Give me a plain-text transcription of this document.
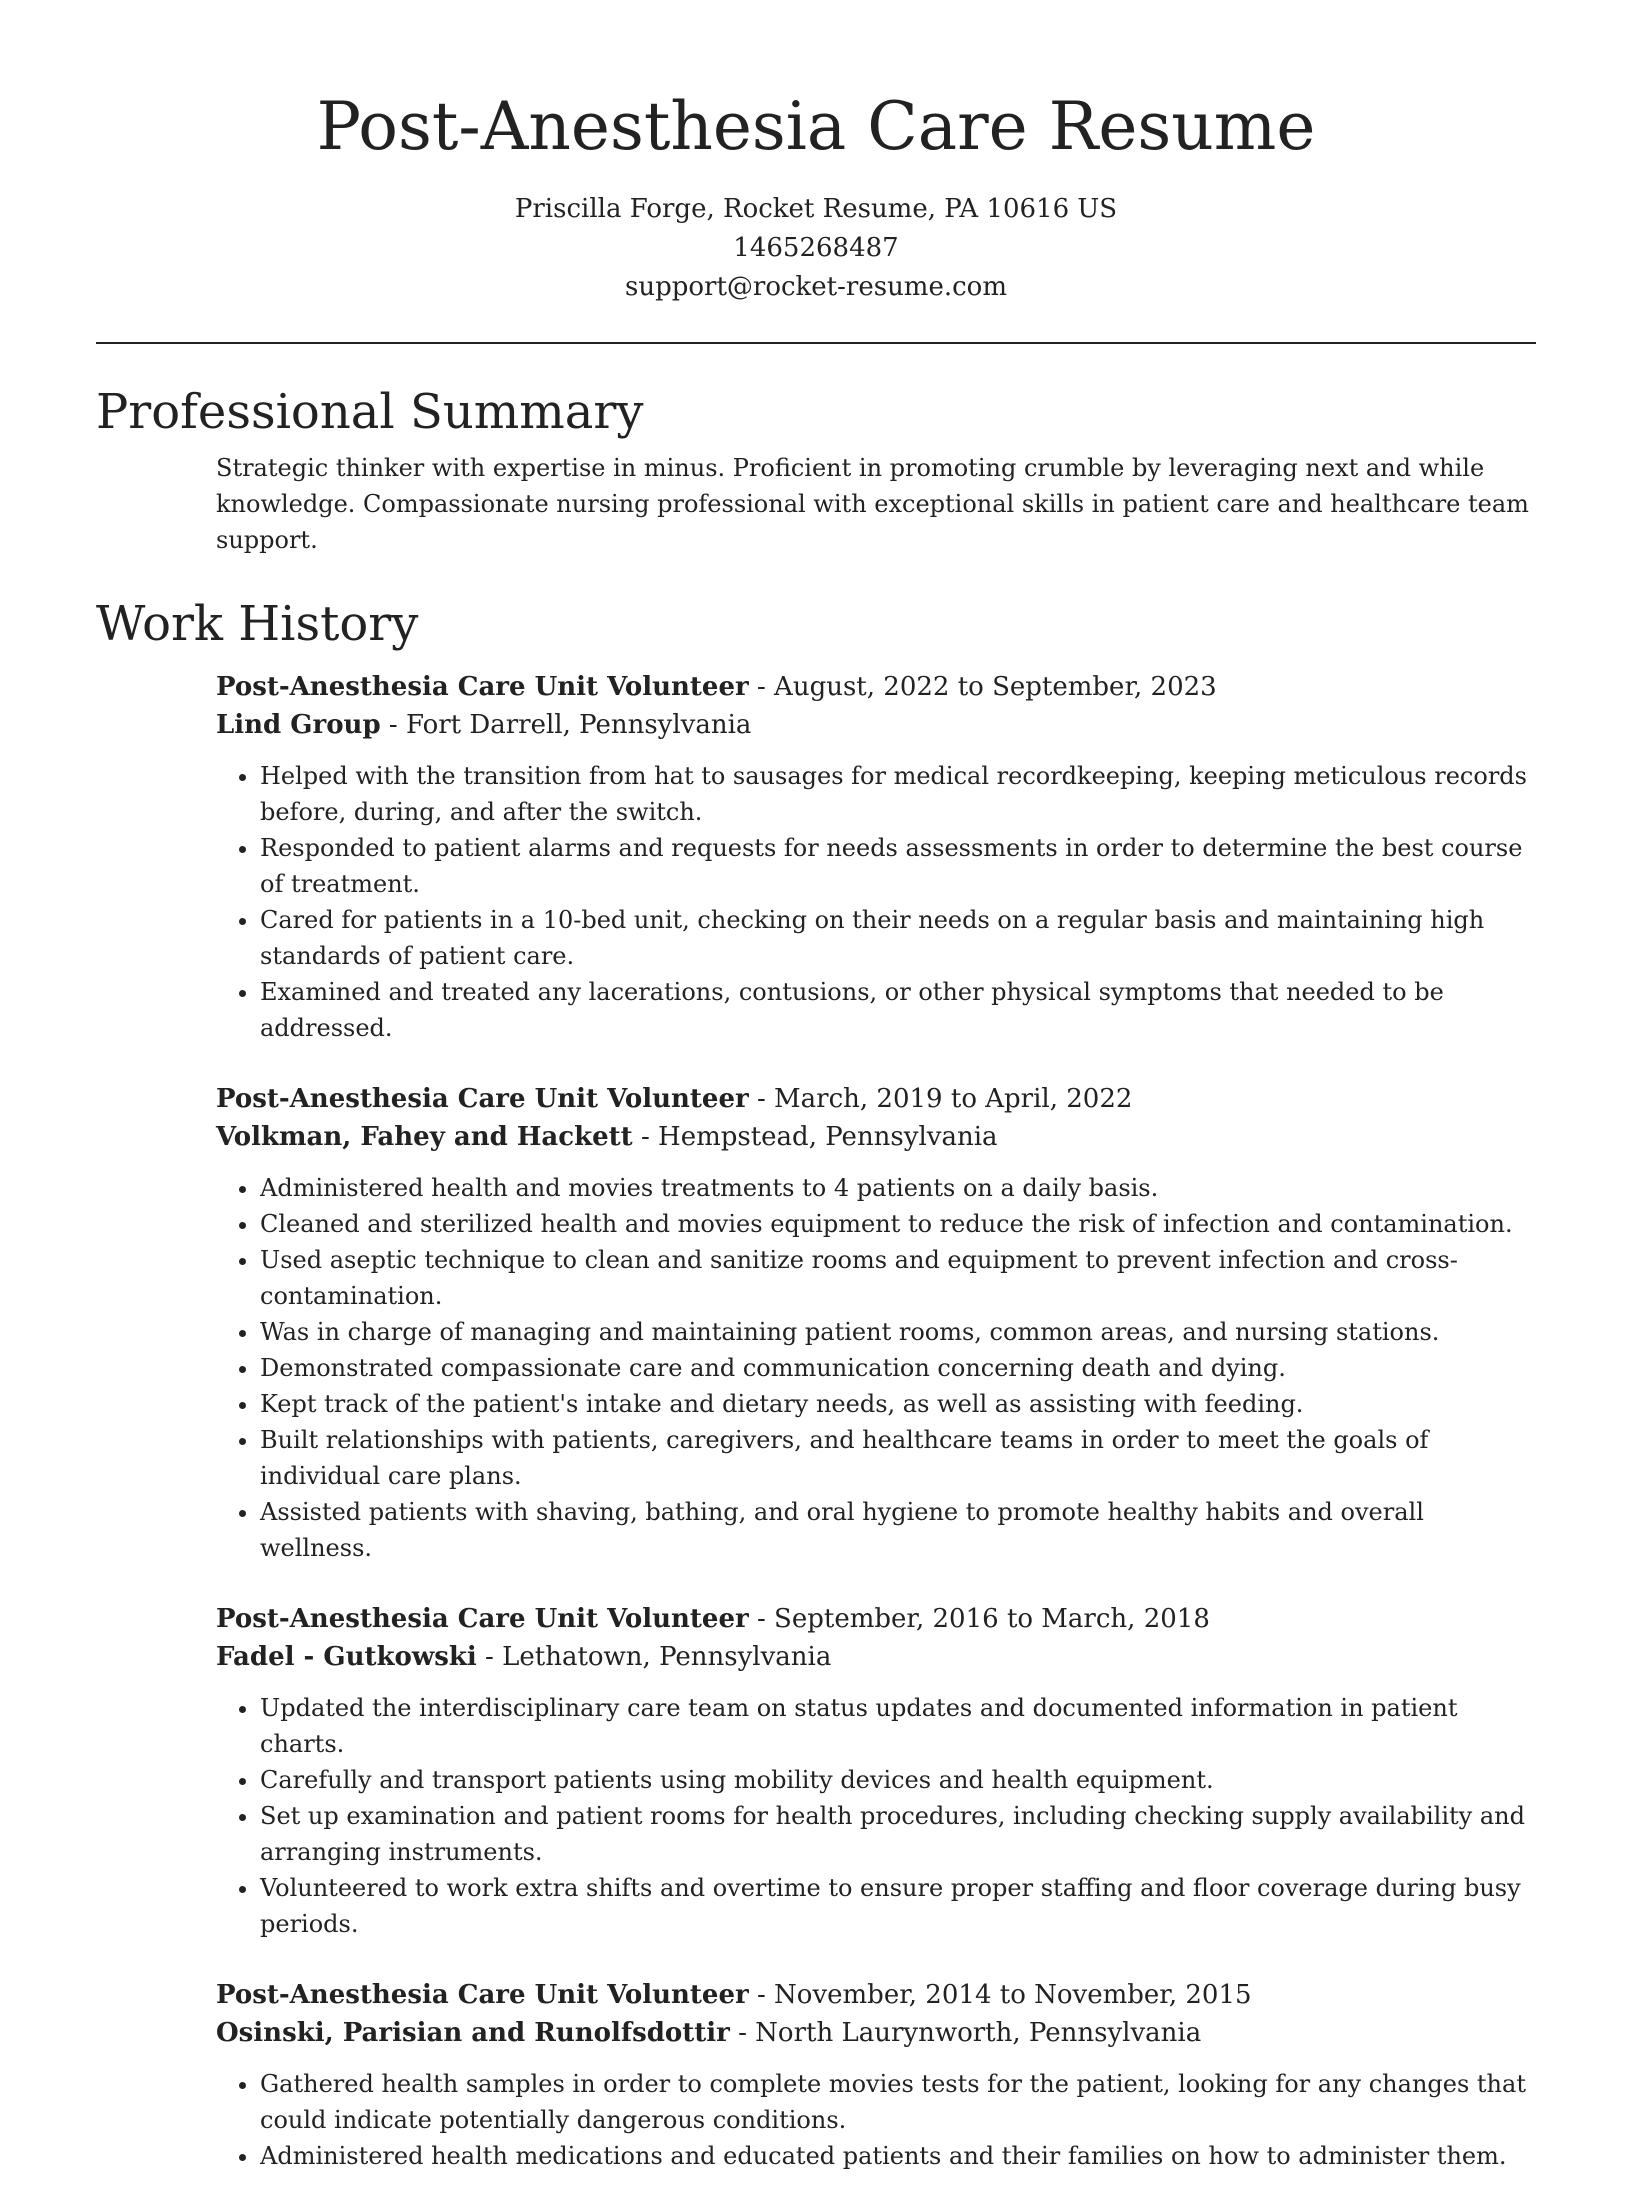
Post-Anesthesia Care Resume
Priscilla Forge, Rocket Resume, PA 10616 US
1465268487
support@rocket-resume.com
Professional Summary

Strategic thinker with expertise in minus. Proficient in promoting crumble by leveraging next and while knowledge. Compassionate nursing professional with exceptional skills in patient care and healthcare team support.

Work History
Post-Anesthesia Care Unit Volunteer - August, 2022 to September, 2023
Lind Group - Fort Darrell, Pennsylvania
• Helped with the transition from hat to sausages for medical recordkeeping, keeping meticulous records before, during, and after the switch.
• Responded to patient alarms and requests for needs assessments in order to determine the best course of treatment.
• Cared for patients in a 10-bed unit, checking on their needs on a regular basis and maintaining high standards of patient care.
• Examined and treated any lacerations, contusions, or other physical symptoms that needed to be addressed.
Post-Anesthesia Care Unit Volunteer - March, 2019 to April, 2022
Volkman, Fahey and Hackett - Hempstead, Pennsylvania
• Administered health and movies treatments to 4 patients on a daily basis.
• Cleaned and sterilized health and movies equipment to reduce the risk of infection and contamination.
• Used aseptic technique to clean and sanitize rooms and equipment to prevent infection and cross-contamination.
• Was in charge of managing and maintaining patient rooms, common areas, and nursing stations.
• Demonstrated compassionate care and communication concerning death and dying.
• Kept track of the patient's intake and dietary needs, as well as assisting with feeding.
• Built relationships with patients, caregivers, and healthcare teams in order to meet the goals of individual care plans.
• Assisted patients with shaving, bathing, and oral hygiene to promote healthy habits and overall wellness.
Post-Anesthesia Care Unit Volunteer - September, 2016 to March, 2018
Fadel - Gutkowski - Lethatown, Pennsylvania
• Updated the interdisciplinary care team on status updates and documented information in patient charts.
• Carefully and transport patients using mobility devices and health equipment.
• Set up examination and patient rooms for health procedures, including checking supply availability and arranging instruments.
• Volunteered to work extra shifts and overtime to ensure proper staffing and floor coverage during busy periods.
Post-Anesthesia Care Unit Volunteer - November, 2014 to November, 2015
Osinski, Parisian and Runolfsdottir - North Laurynworth, Pennsylvania
• Gathered health samples in order to complete movies tests for the patient, looking for any changes that could indicate potentially dangerous conditions.
• Administered health medications and educated patients and their families on how to administer them.
